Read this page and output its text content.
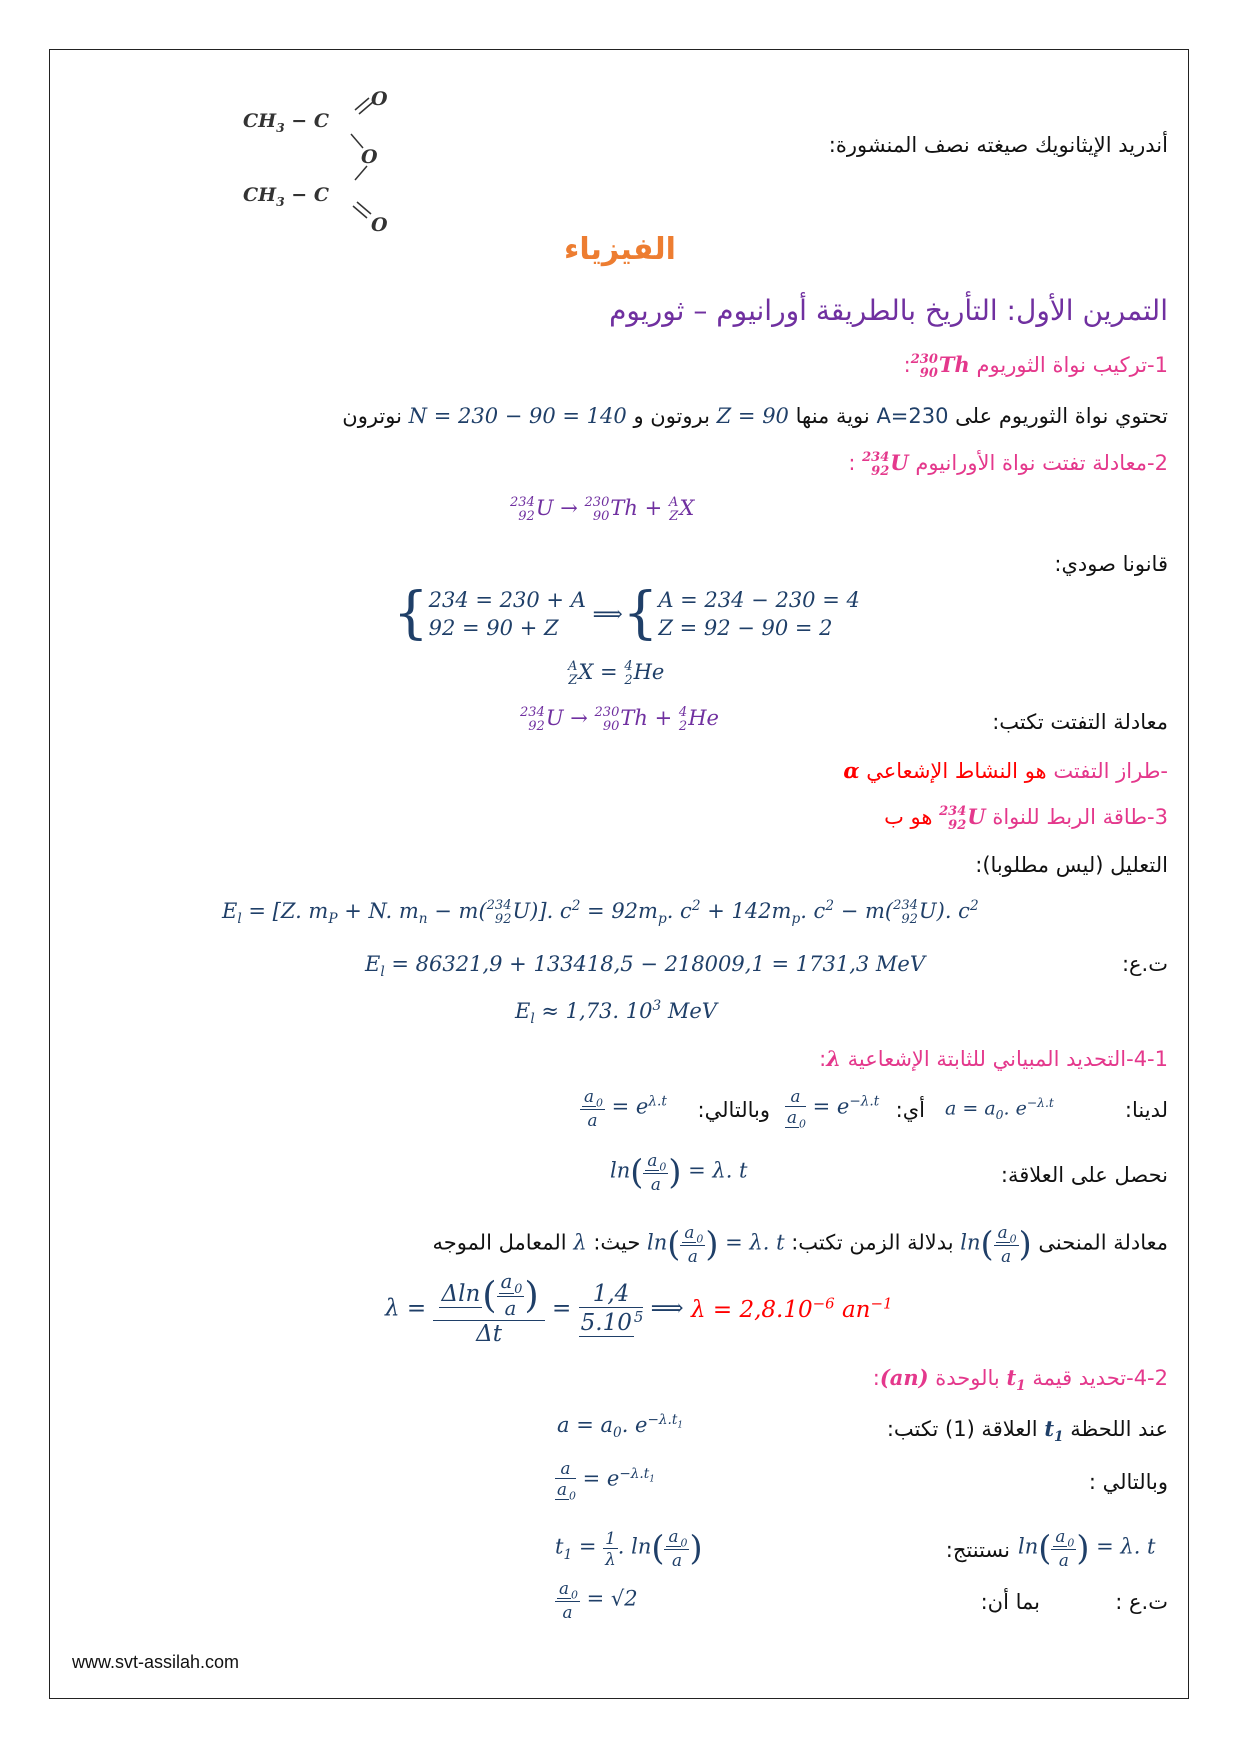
$CH_3 - C$
O
O
$CH_3 - C$
O
أندريد الإيثانويك صيغته نصف المنشورة:
الفيزياء
التمرين الأول: التأريخ بالطريقة أورانيوم – ثوريوم
1-تركيب نواة الثوريوم
230
90 Th:
تحتوي نواة الثوريوم على A=230 نوية منها Z = 90 بروتون و N = 230 − 90 = 140 نوترون
2-معادلة تفتت نواة الأورانيوم
234
92 U :
234
92 U → 230
90 Th + A
Z X
قانونا صودي:
{ 234 = 230 + A
92 = 90 + Z
⟹{ A = 234 − 230 = 4
Z = 92 − 90 = 2
A
Z X = 4
2 He
معادلة التفتت تكتب:
234
92 U → 230
90 Th + 4
2 He
-طراز التفتت هو النشاط الإشعاعي α
3-طاقة الربط للنواة
234
92 U هو ب
التعليل (ليس مطلوبا):
$E_l = [Z$. $m_P + N$. $m_n - m$( 234
92 U)]. $c^2 = 92m_p$. $c^2 + 142m_p$. $c^2 - m$( 234
92 U). $c^2$
ت.ع:
$E_l = 86321,9 + 133418,5 - 218009,1 = 1731,3$ MeV
$E_l \approx 1,73$. $10^3$ MeV
4-1-التحديد المبياني للثابتة الإشعاعية λ:
لدينا:
$a = a_0$. $e^{-\lambda.t}$
أي:
$\frac{a}{a _0} = e^{-\lambda.t}$
وبالتالي:
$\frac{a _0}{a} = e^{\lambda.t}$
نحصل على العلاقة:
$\ln( \frac{a _0}{a}$ ) = λ. t
معادلة المنحنى $\ln( \frac{a _0}{a}$ ) بدلالة الزمن تكتب: $\ln( \frac{a _0}{a}$ ) = λ. t حيث: λ المعامل الموجه
$\lambda = \frac{\Delta\ln( \frac{a _0}{a} )}{\Delta t} = \frac{1,4}{5.10 ^5}$ ⟹ $\lambda = 2,8.10^{-6}$ $an^{-1}$
4-2-تحديد قيمة $t_1$ بالوحدة (an):
عند اللحظة $t_1$ العلاقة (1) تكتب:
$a = a_0$. $e^{-\lambda.t_1}$
وبالتالي :
$\frac{a}{a _0} = e^{-\lambda.t_1}$
$\ln( \frac{a _0}{a}$ ) = λ. t
نستنتج:
$t_1 = \frac{1}{\lambda}$ . $\ln( \frac{a _0}{a}$ )
ت.ع :
بما أن:
$\frac{a _0}{a} = √2$
www.svt-assilah.com
